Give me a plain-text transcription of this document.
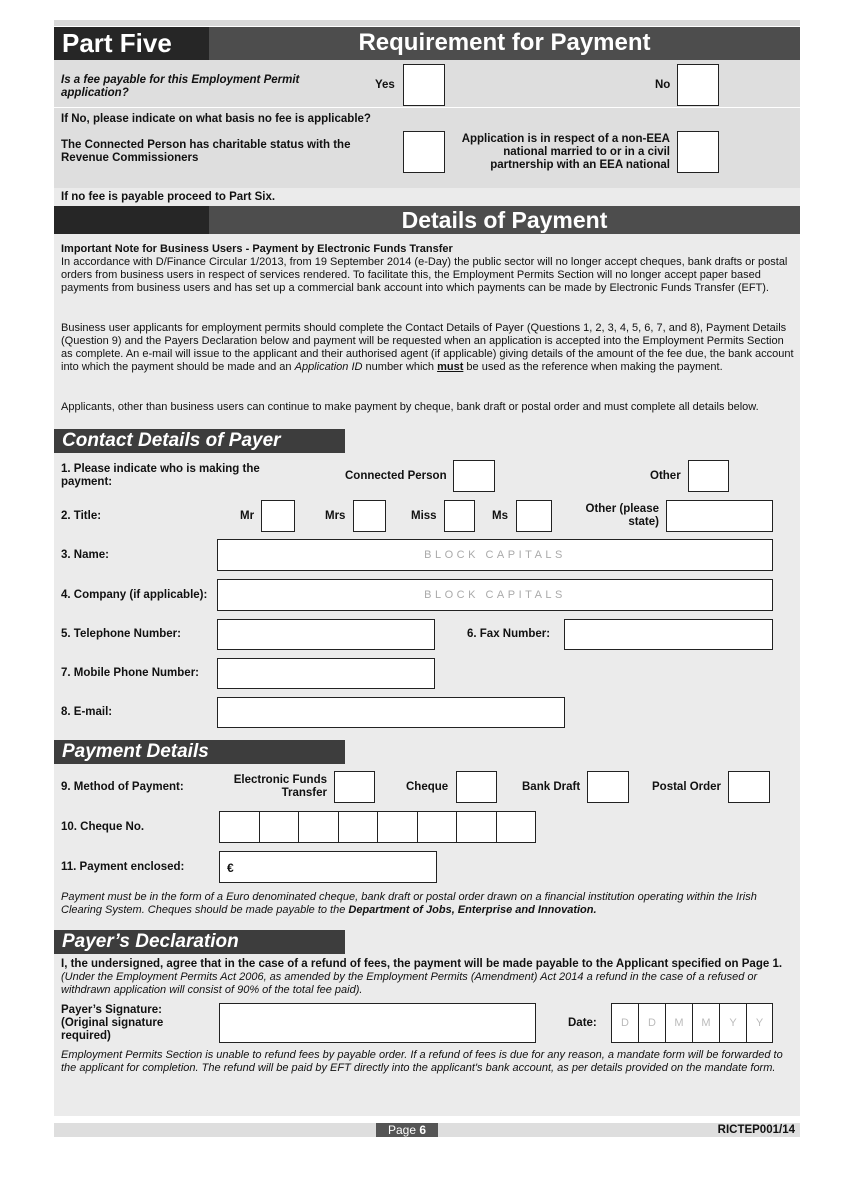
Part Five	Requirement for Payment
Is a fee payable for this Employment Permit application?
Yes	No
If No, please indicate on what basis no fee is applicable?
The Connected Person has charitable status with the Revenue Commissioners
Application is in respect of a non-EEA national married to or in a civil partnership with an EEA national
If no fee is payable proceed to Part Six.
Details of Payment
Important Note for Business Users - Payment by Electronic Funds Transfer
In accordance with D/Finance Circular 1/2013, from 19 September 2014 (e-Day) the public sector will no longer accept cheques, bank drafts or postal orders from business users in respect of services rendered. To facilitate this, the Employment Permits Section will no longer accept paper based payments from business users and has set up a commercial bank account into which payments can be made by Electronic Funds Transfer (EFT).
Business user applicants for employment permits should complete the Contact Details of Payer (Questions 1, 2, 3, 4, 5, 6, 7, and 8), Payment Details (Question 9) and the Payers Declaration below and payment will be requested when an application is accepted into the Employment Permits Section as complete. An e-mail will issue to the applicant and their authorised agent (if applicable) giving details of the amount of the fee due, the bank account into which the payment should be made and an Application ID number which must be used as the reference when making the payment.
Applicants, other than business users can continue to make payment by cheque, bank draft or postal order and must complete all details below.
Contact Details of Payer
1. Please indicate who is making the payment:	Connected Person	Other
2. Title:	Mr	Mrs	Miss	Ms
Other (please state)
3. Name:	BLOCK CAPITALS
4. Company (if applicable):	BLOCK CAPITALS
5. Telephone Number:	6. Fax Number:
7. Mobile Phone Number:
8. E-mail:
Payment Details
9. Method of Payment:
Electronic Funds Transfer	Cheque	Bank Draft	Postal Order
10. Cheque No.
11. Payment enclosed:	€
Payment must be in the form of a Euro denominated cheque, bank draft or postal order drawn on a financial institution operating within the Irish Clearing System. Cheques should be made payable to the Department of Jobs, Enterprise and Innovation.
Payer’s Declaration
I, the undersigned, agree that in the case of a refund of fees, the payment will be made payable to the Applicant specified on Page 1.
(Under the Employment Permits Act 2006, as amended by the Employment Permits (Amendment) Act 2014 a refund in the case of a refused or withdrawn application will consist of 90% of the total fee paid).
Payer’s Signature: (Original signature required)
Date:	D	D	M	M	Y	Y
Employment Permits Section is unable to refund fees by payable order. If a refund of fees is due for any reason, a mandate form will be forwarded to the applicant for completion. The refund will be paid by EFT directly into the applicant's bank account, as per details provided on the mandate form.
Page 6	RICTEP001/14
